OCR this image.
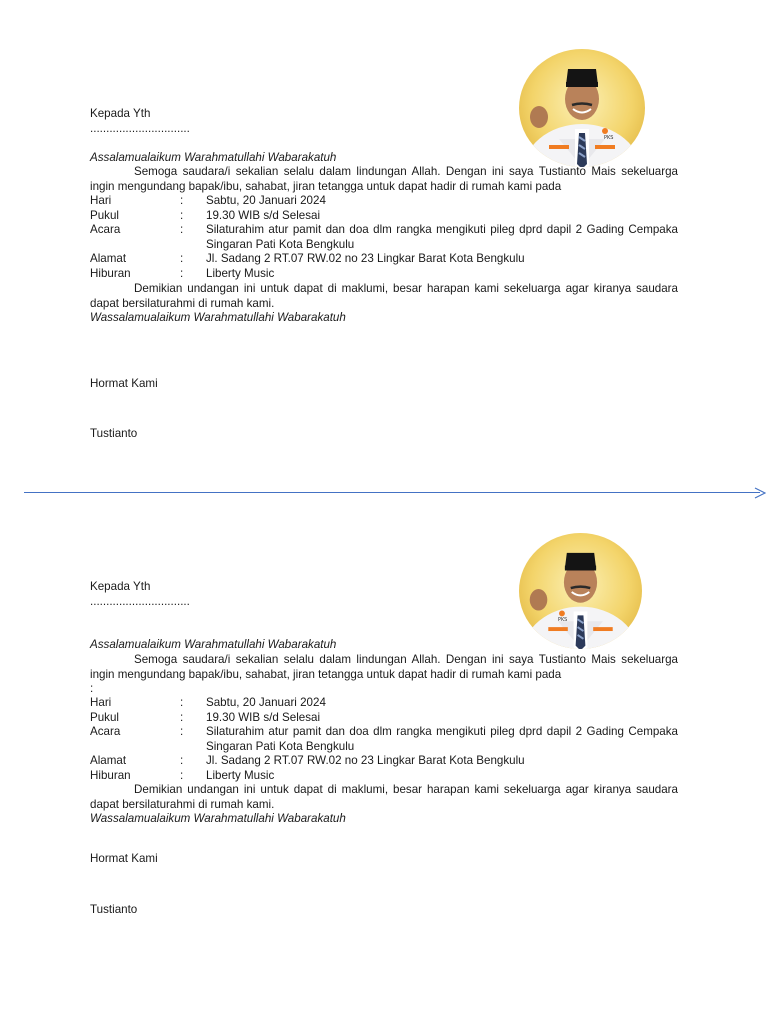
PKS
Kepada Yth
...............................
Assalamualaikum Warahmatullahi Wabarakatuh
Semoga saudara/i sekalian selalu dalam lindungan Allah. Dengan ini saya Tustianto Mais sekeluarga ingin mengundang bapak/ibu, sahabat, jiran tetangga untuk dapat hadir di rumah kami pada
Hari	:	Sabtu, 20 Januari 2024
Pukul	:	19.30 WIB s/d Selesai
Acara	:	Silaturahim atur pamit dan doa dlm rangka mengikuti pileg dprd dapil 2 Gading Cempaka Singaran Pati Kota Bengkulu
Alamat	:	Jl. Sadang 2 RT.07 RW.02 no 23 Lingkar Barat Kota Bengkulu
Hiburan	:	Liberty Music
Demikian undangan ini untuk dapat di maklumi, besar harapan kami sekeluarga agar kiranya saudara dapat bersilaturahmi di rumah kami.
Wassalamualaikum Warahmatullahi Wabarakatuh
Hormat Kami
Tustianto
PKS
Kepada Yth
...............................
Assalamualaikum Warahmatullahi Wabarakatuh
Semoga saudara/i sekalian selalu dalam lindungan Allah. Dengan ini saya Tustianto Mais sekeluarga ingin mengundang bapak/ibu, sahabat, jiran tetangga untuk dapat hadir di rumah kami pada
:
Hari	:	Sabtu, 20 Januari 2024
Pukul	:	19.30 WIB s/d Selesai
Acara	:	Silaturahim atur pamit dan doa dlm rangka mengikuti pileg dprd dapil 2 Gading Cempaka Singaran Pati Kota Bengkulu
Alamat	:	Jl. Sadang 2 RT.07 RW.02 no 23 Lingkar Barat Kota Bengkulu
Hiburan	:	Liberty Music
Demikian undangan ini untuk dapat di maklumi, besar harapan kami sekeluarga agar kiranya saudara dapat bersilaturahmi di rumah kami.
Wassalamualaikum Warahmatullahi Wabarakatuh
Hormat Kami
Tustianto
